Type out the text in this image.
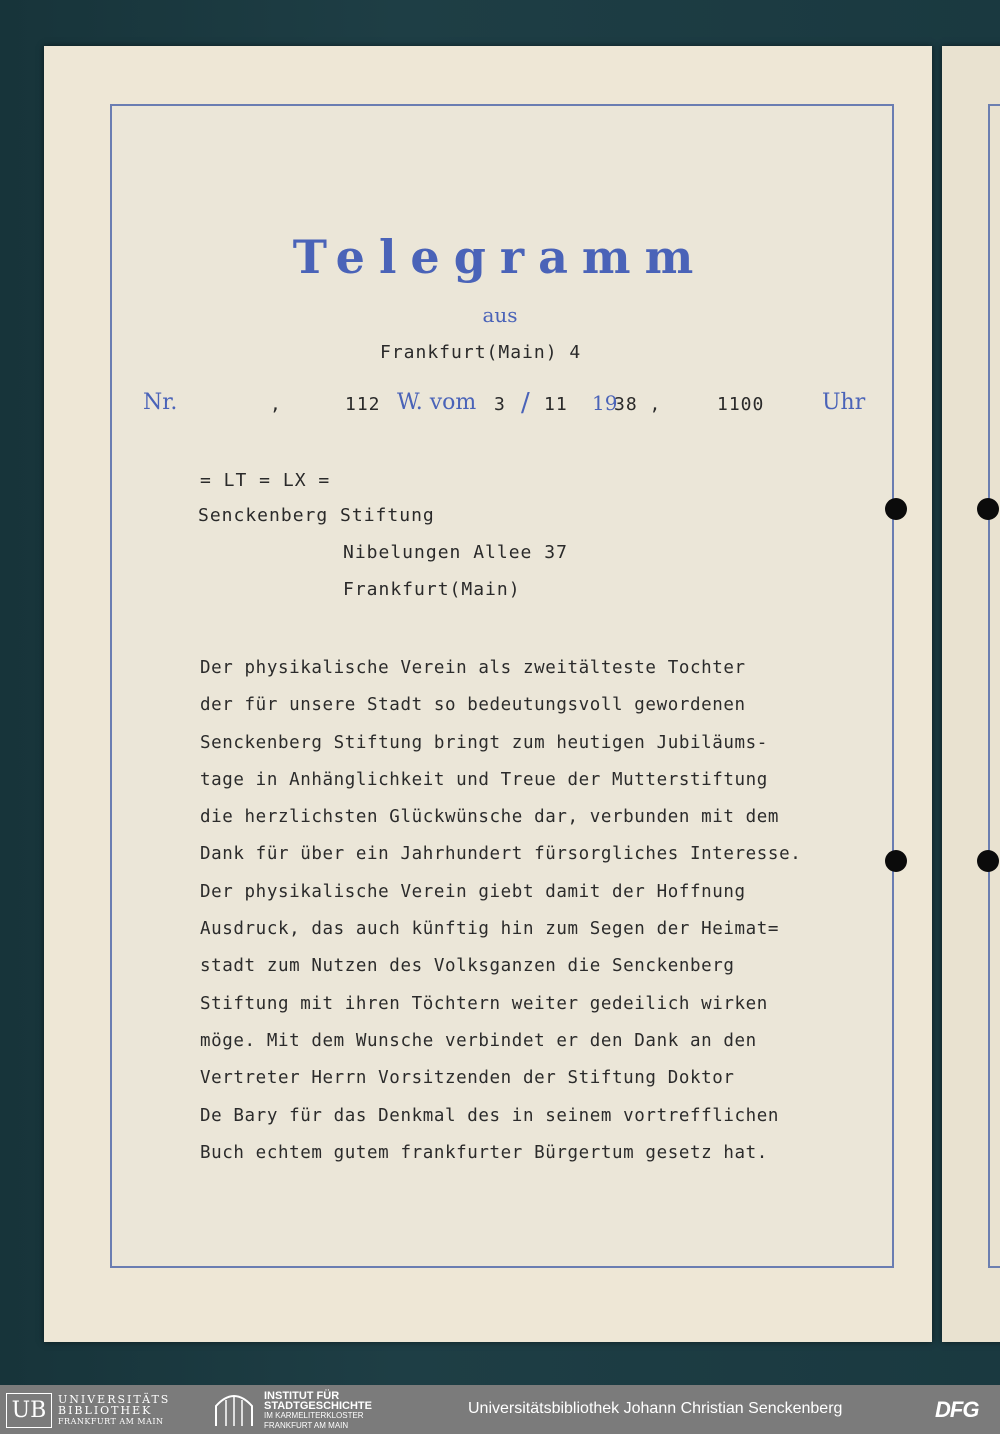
Telegramm
aus
Frankfurt(Main) 4
Nr.	,	112 W. vom 3 / 11 19
38 ,	1100	Uhr
= LT = LX =
Senckenberg Stiftung
Nibelungen Allee 37
Frankfurt(Main)
Der physikalische Verein als zweitälteste Tochter
der für unsere Stadt so bedeutungsvoll gewordenen
Senckenberg Stiftung bringt zum heutigen Jubiläums-
tage in Anhänglichkeit und Treue der Mutterstiftung
die herzlichsten Glückwünsche dar, verbunden mit dem
Dank für über ein Jahrhundert fürsorgliches Interesse.
Der physikalische Verein giebt damit der Hoffnung
Ausdruck, das auch künftig hin zum Segen der Heimat=
stadt zum Nutzen des Volksganzen die Senckenberg
Stiftung mit ihren Töchtern weiter gedeilich wirken
möge. Mit dem Wunsche verbindet er den Dank an den
Vertreter Herrn Vorsitzenden der Stiftung Doktor
De Bary für das Denkmal des in seinem vortrefflichen
Buch echtem gutem frankfurter Bürgertum gesetz hat.
UB	UNIVERSITÄTS
BIBLIOTHEK
FRANKFURT AM MAIN
INSTITUT FÜR
STADTGESCHICHTE
IM KARMELITERKLOSTER
FRANKFURT AM MAIN
Universitätsbibliothek Johann Christian Senckenberg	DFG
